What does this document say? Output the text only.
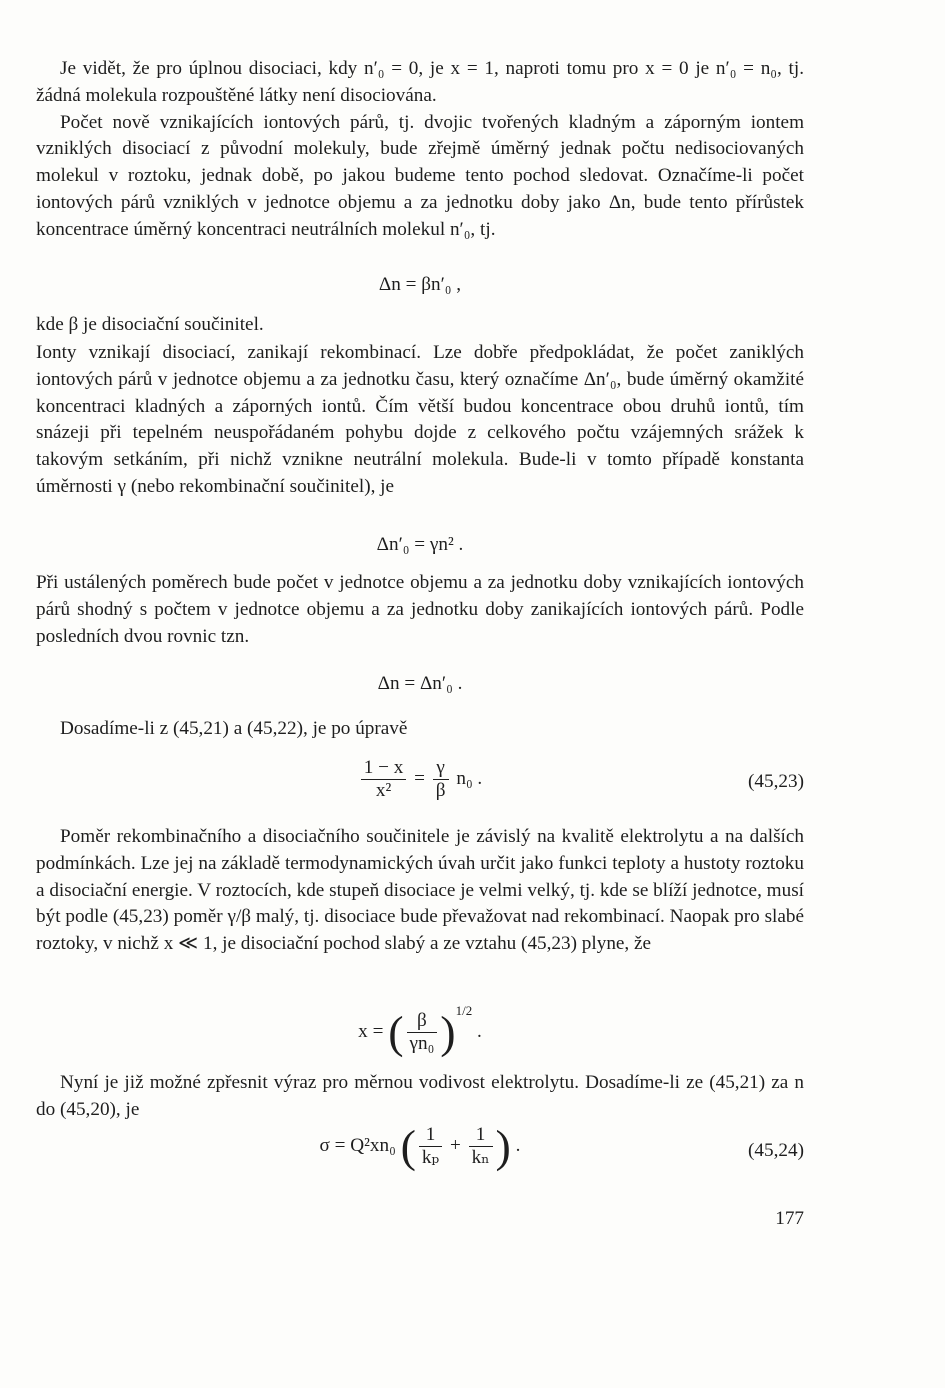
Je vidět, že pro úplnou disociaci, kdy n′₀ = 0, je x = 1, naproti tomu pro x = 0 je n′₀ = n₀, tj. žádná molekula rozpouštěné látky není disociována.

Počet nově vznikajících iontových párů, tj. dvojic tvořených kladným a záporným iontem vzniklých disociací z původní molekuly, bude zřejmě úměrný jednak počtu nedisociovaných molekul v roztoku, jednak době, po jakou budeme tento pochod sledovat. Označíme-li počet iontových párů vzniklých v jednotce objemu a za jednotku doby jako Δn, bude tento přírůstek koncentrace úměrný koncentraci neutrálních molekul n′₀, tj.

Δn = βn′₀ ,

kde β je disociační součinitel.

Ionty vznikají disociací, zanikají rekombinací. Lze dobře předpokládat, že počet zaniklých iontových párů v jednotce objemu a za jednotku času, který označíme Δn′₀, bude úměrný okamžité koncentraci kladných a záporných iontů. Čím větší budou koncentrace obou druhů iontů, tím snázeji při tepelném neuspořádaném pohybu dojde z celkového počtu vzájemných srážek k takovým setkáním, při nichž vznikne neutrální molekula. Bude-li v tomto případě konstanta úměrnosti γ (nebo rekombinační součinitel), je

Δn′₀ = γn² .

Při ustálených poměrech bude počet v jednotce objemu a za jednotku doby vznikajících iontových párů shodný s počtem v jednotce objemu a za jednotku doby zanikajících iontových párů. Podle posledních dvou rovnic tzn.

Δn = Δn′₀ .

Dosadíme-li z (45,21) a (45,22), je po úpravě

$\frac{1 - x}{\text{x²}} = \frac{\gamma}{\beta} n_0$ .	(45,23)

Poměr rekombinačního a disociačního součinitele je závislý na kvalitě elektrolytu a na dalších podmínkách. Lze jej na základě termodynamických úvah určit jako funkci teploty a hustoty roztoku a disociační energie. V roztocích, kde stupeň disociace je velmi velký, tj. kde se blíží jednotce, musí být podle (45,23) poměr γ/β malý, tj. disociace bude převažovat nad rekombinací. Naopak pro slabé roztoky, v nichž x ≪ 1, je disociační pochod slabý a ze vztahu (45,23) plyne, že

x = ( $\frac{\beta}{\text{γn₀}} )^{1/2}$ .

Nyní je již možné zpřesnit výraz pro měrnou vodivost elektrolytu. Dosadíme-li ze (45,21) za n do (45,20), je

σ = Q²xn₀ ( $\frac{1}{\text{kₚ}} + \frac{1}{\text{kₙ}}$ ) .	(45,24)
177
